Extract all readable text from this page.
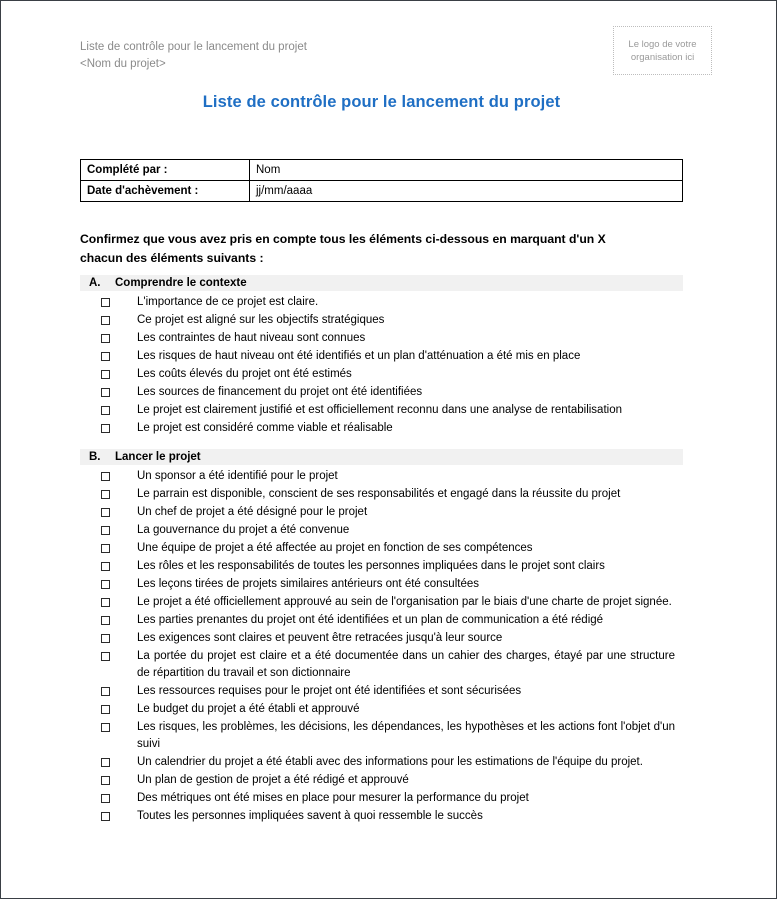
Liste de contrôle pour le lancement du projet
<Nom du projet>
Le logo de votre
organisation ici
Liste de contrôle pour le lancement du projet
Complété par :	Nom
Date d'achèvement :	jj/mm/aaaa
Confirmez que vous avez pris en compte tous les éléments ci-dessous en marquant d'un X
chacun des éléments suivants :
A.	Comprendre le contexte
L'importance de ce projet est claire.
Ce projet est aligné sur les objectifs stratégiques
Les contraintes de haut niveau sont connues
Les risques de haut niveau ont été identifiés et un plan d'atténuation a été mis en place
Les coûts élevés du projet ont été estimés
Les sources de financement du projet ont été identifiées
Le projet est clairement justifié et est officiellement reconnu dans une analyse de rentabilisation
Le projet est considéré comme viable et réalisable
B.	Lancer le projet
Un sponsor a été identifié pour le projet
Le parrain est disponible, conscient de ses responsabilités et engagé dans la réussite du projet
Un chef de projet a été désigné pour le projet
La gouvernance du projet a été convenue
Une équipe de projet a été affectée au projet en fonction de ses compétences
Les rôles et les responsabilités de toutes les personnes impliquées dans le projet sont clairs
Les leçons tirées de projets similaires antérieurs ont été consultées
Le projet a été officiellement approuvé au sein de l'organisation par le biais d'une charte de projet signée.
Les parties prenantes du projet ont été identifiées et un plan de communication a été rédigé
Les exigences sont claires et peuvent être retracées jusqu'à leur source
La portée du projet est claire et a été documentée dans un cahier des charges, étayé par une structure de répartition du travail et son dictionnaire
Les ressources requises pour le projet ont été identifiées et sont sécurisées
Le budget du projet a été établi et approuvé
Les risques, les problèmes, les décisions, les dépendances, les hypothèses et les actions font l'objet d'un suivi
Un calendrier du projet a été établi avec des informations pour les estimations de l'équipe du projet.
Un plan de gestion de projet a été rédigé et approuvé
Des métriques ont été mises en place pour mesurer la performance du projet
Toutes les personnes impliquées savent à quoi ressemble le succès
